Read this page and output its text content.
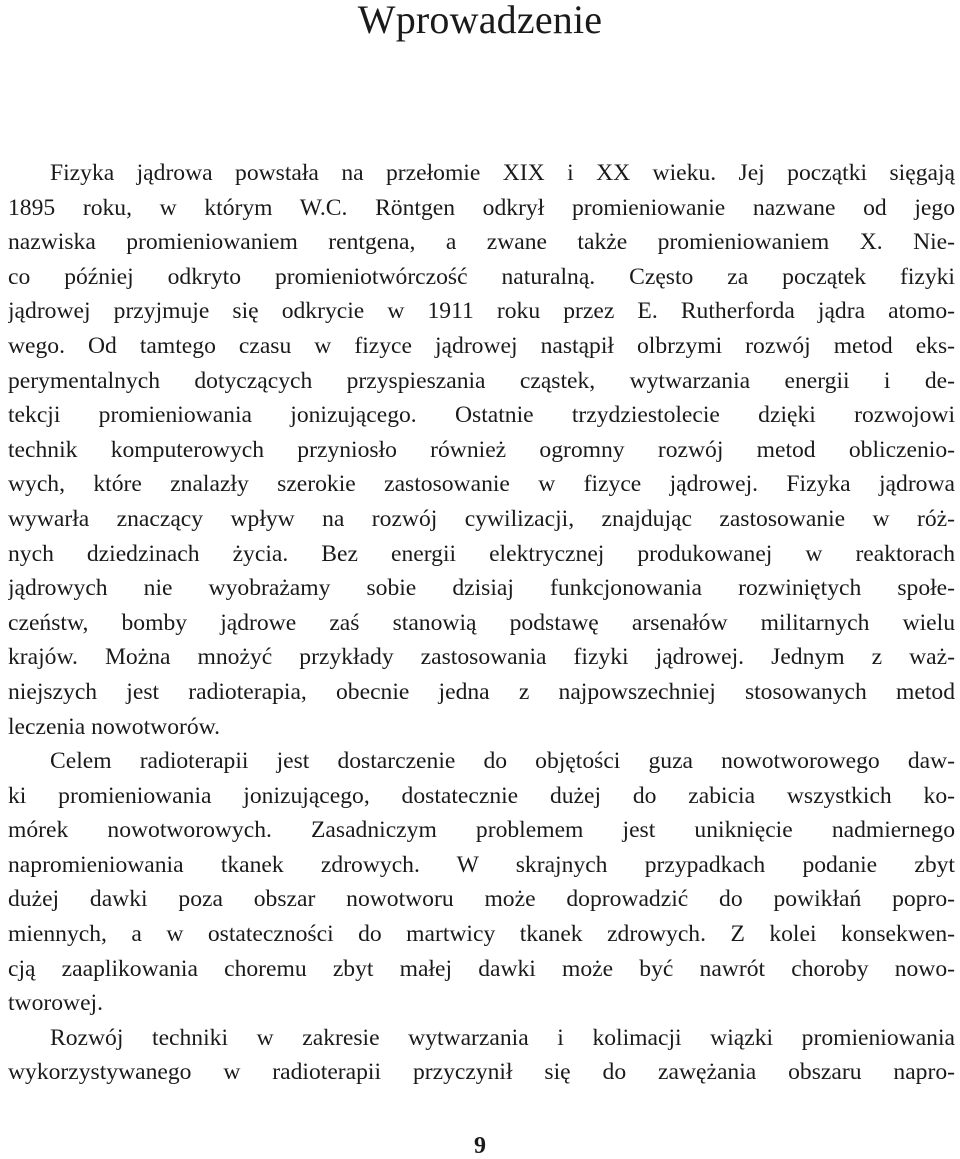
Wprowadzenie
Fizyka jądrowa powstała na przełomie XIX i XX wieku. Jej początki sięgają
1895 roku, w którym W.C. Röntgen odkrył promieniowanie nazwane od jego
nazwiska promieniowaniem rentgena, a zwane także promieniowaniem X. Nie-
co później odkryto promieniotwórczość naturalną. Często za początek fizyki
jądrowej przyjmuje się odkrycie w 1911 roku przez E. Rutherforda jądra atomo-
wego. Od tamtego czasu w fizyce jądrowej nastąpił olbrzymi rozwój metod eks-
perymentalnych dotyczących przyspieszania cząstek, wytwarzania energii i de-
tekcji promieniowania jonizującego. Ostatnie trzydziestolecie dzięki rozwojowi
technik komputerowych przyniosło również ogromny rozwój metod obliczenio-
wych, które znalazły szerokie zastosowanie w fizyce jądrowej. Fizyka jądrowa
wywarła znaczący wpływ na rozwój cywilizacji, znajdując zastosowanie w róż-
nych dziedzinach życia. Bez energii elektrycznej produkowanej w reaktorach
jądrowych nie wyobrażamy sobie dzisiaj funkcjonowania rozwiniętych społe-
czeństw, bomby jądrowe zaś stanowią podstawę arsenałów militarnych wielu
krajów. Można mnożyć przykłady zastosowania fizyki jądrowej. Jednym z waż-
niejszych jest radioterapia, obecnie jedna z najpowszechniej stosowanych metod
leczenia nowotworów.
Celem radioterapii jest dostarczenie do objętości guza nowotworowego daw-
ki promieniowania jonizującego, dostatecznie dużej do zabicia wszystkich ko-
mórek nowotworowych. Zasadniczym problemem jest uniknięcie nadmiernego
napromieniowania tkanek zdrowych. W skrajnych przypadkach podanie zbyt
dużej dawki poza obszar nowotworu może doprowadzić do powikłań popro-
miennych, a w ostateczności do martwicy tkanek zdrowych. Z kolei konsekwen-
cją zaaplikowania choremu zbyt małej dawki może być nawrót choroby nowo-
tworowej.
Rozwój techniki w zakresie wytwarzania i kolimacji wiązki promieniowania
wykorzystywanego w radioterapii przyczynił się do zawężania obszaru napro-
9
